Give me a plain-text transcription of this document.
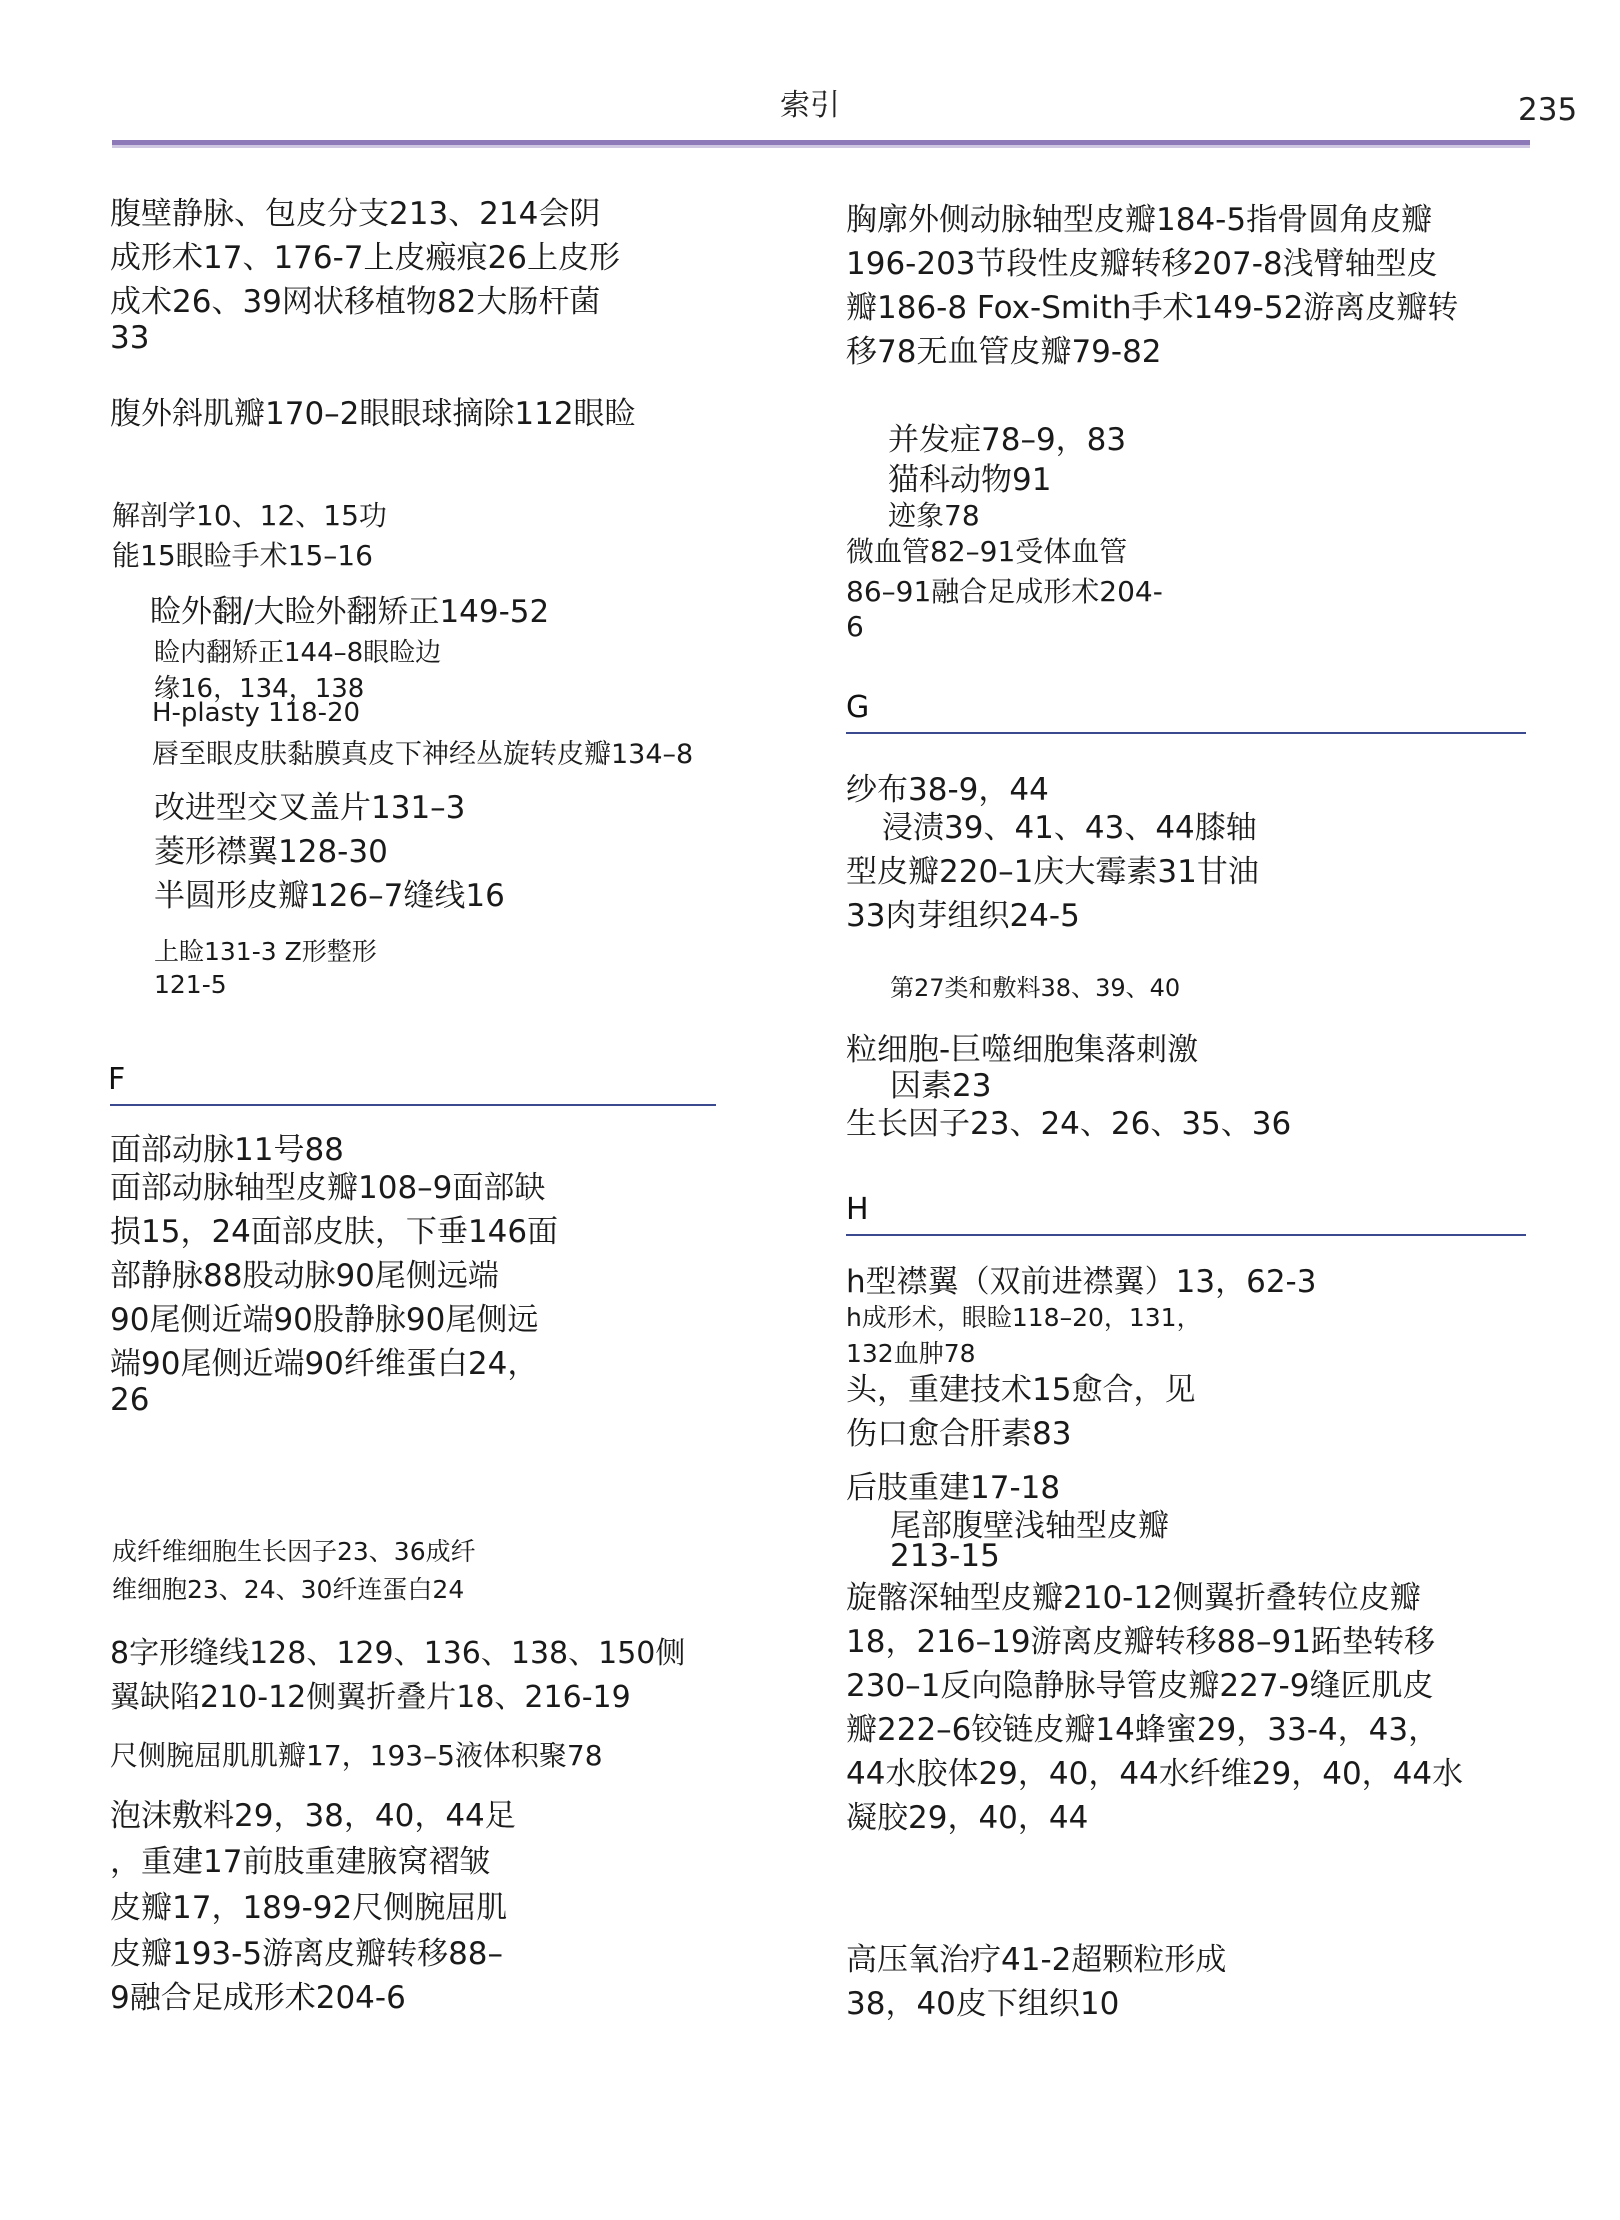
索引	235
腹壁静脉、包皮分支213、214会阴
成形术17、176-7上皮瘢痕26上皮形
成术26、39网状移植物82大肠杆菌
33
腹外斜肌瓣170–2眼眼球摘除112眼睑
解剖学10、12、15功
能15眼睑手术15–16
睑外翻/大睑外翻矫正149-52
睑内翻矫正144–8眼睑边
缘16，134，138
H-plasty 118-20
唇至眼皮肤黏膜真皮下神经丛旋转皮瓣134–8
改进型交叉盖片131–3
菱形襟翼128-30
半圆形皮瓣126–7缝线16
上睑131-3 Z形整形
121-5
F
面部动脉11号88
面部动脉轴型皮瓣108–9面部缺
损15，24面部皮肤，下垂146面
部静脉88股动脉90尾侧远端
90尾侧近端90股静脉90尾侧远
端90尾侧近端90纤维蛋白24，
26
成纤维细胞生长因子23、36成纤
维细胞23、24、30纤连蛋白24
8字形缝线128、129、136、138、150侧
翼缺陷210-12侧翼折叠片18、216-19
尺侧腕屈肌肌瓣17，193–5液体积聚78
泡沫敷料29，38，40，44足
，重建17前肢重建腋窝褶皱
皮瓣17，189-92尺侧腕屈肌
皮瓣193-5游离皮瓣转移88–
9融合足成形术204-6
胸廓外侧动脉轴型皮瓣184-5指骨圆角皮瓣
196-203节段性皮瓣转移207-8浅臂轴型皮
瓣186-8 Fox-Smith手术149-52游离皮瓣转
移78无血管皮瓣79-82
并发症78–9，83
猫科动物91
迹象78
微血管82–91受体血管
86–91融合足成形术204-
6
G
纱布38-9，44
浸渍39、41、43、44膝轴
型皮瓣220–1庆大霉素31甘油
33肉芽组织24-5
第27类和敷料38、39、40
粒细胞-巨噬细胞集落刺激
因素23
生长因子23、24、26、35、36
H
h型襟翼（双前进襟翼）13，62-3
h成形术，眼睑118–20，131，
132血肿78
头，重建技术15愈合，见
伤口愈合肝素83
后肢重建17-18
尾部腹壁浅轴型皮瓣
213-15
旋髂深轴型皮瓣210-12侧翼折叠转位皮瓣
18，216–19游离皮瓣转移88–91跖垫转移
230–1反向隐静脉导管皮瓣227-9缝匠肌皮
瓣222–6铰链皮瓣14蜂蜜29，33-4，43，
44水胶体29，40，44水纤维29，40，44水
凝胶29，40，44
高压氧治疗41-2超颗粒形成
38，40皮下组织10
